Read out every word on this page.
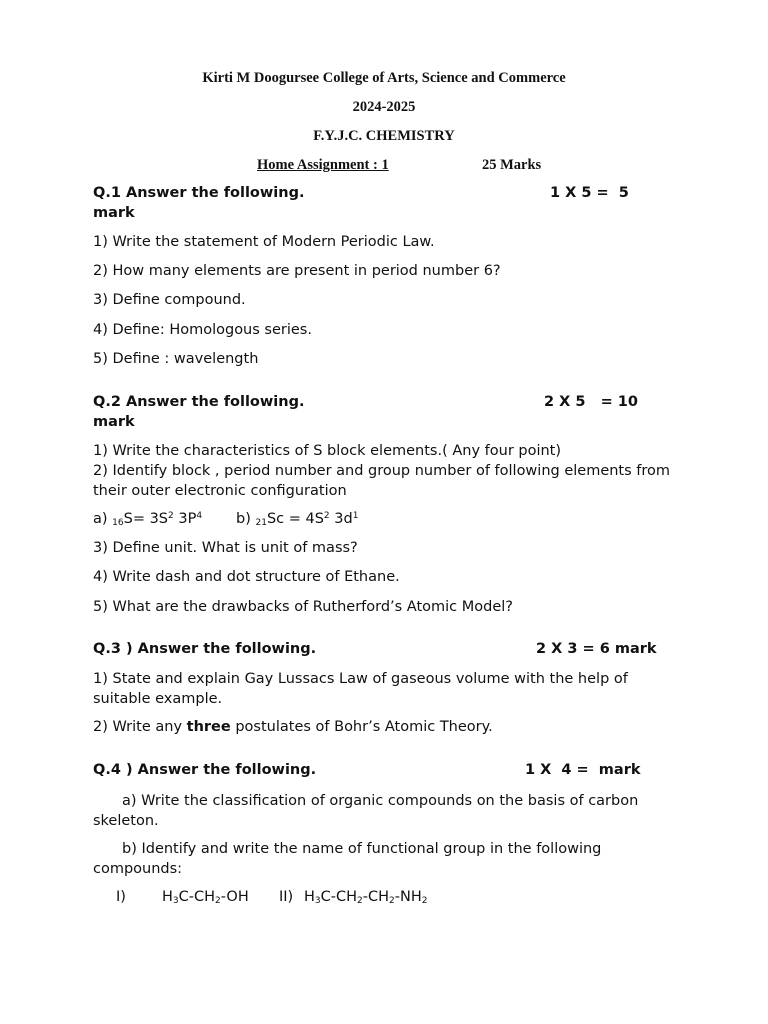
Kirti M Doogursee College of Arts, Science and Commerce
2024-2025
F.Y.J.C. CHEMISTRY
Home Assignment : 1	25 Marks
Q.1 Answer the following.	1 X 5 =  5
mark
1) Write the statement of Modern Periodic Law.
2) How many elements are present in period number 6?
3) Define compound.
4) Define: Homologous series.
5) Define : wavelength
Q.2 Answer the following.	2 X 5   = 10
mark
1) Write the characteristics of S block elements.( Any four point)
2) Identify block , period number and group number of following elements from their outer electronic configuration
a) $_{16}S= 3S^2$ $3P^4$ b) $_{21}Sc = 4S^2$ $3d^1$
3) Define unit. What is unit of mass?
4) Write dash and dot structure of Ethane.
5) What are the drawbacks of Rutherford’s Atomic Model?
Q.3 ) Answer the following.	2 X 3 = 6 mark
1) State and explain Gay Lussacs Law of gaseous volume with the help of suitable example.
2) Write any three postulates of Bohr’s Atomic Theory.
Q.4 ) Answer the following.	1 X  4 =  mark
a) Write the classification of organic compounds on the basis of carbon skeleton.
b) Identify and write the name of functional group in the following compounds:
I) $H_3C-CH_2-OH$ II) $H_3C-CH_2-CH_2-NH_2$
